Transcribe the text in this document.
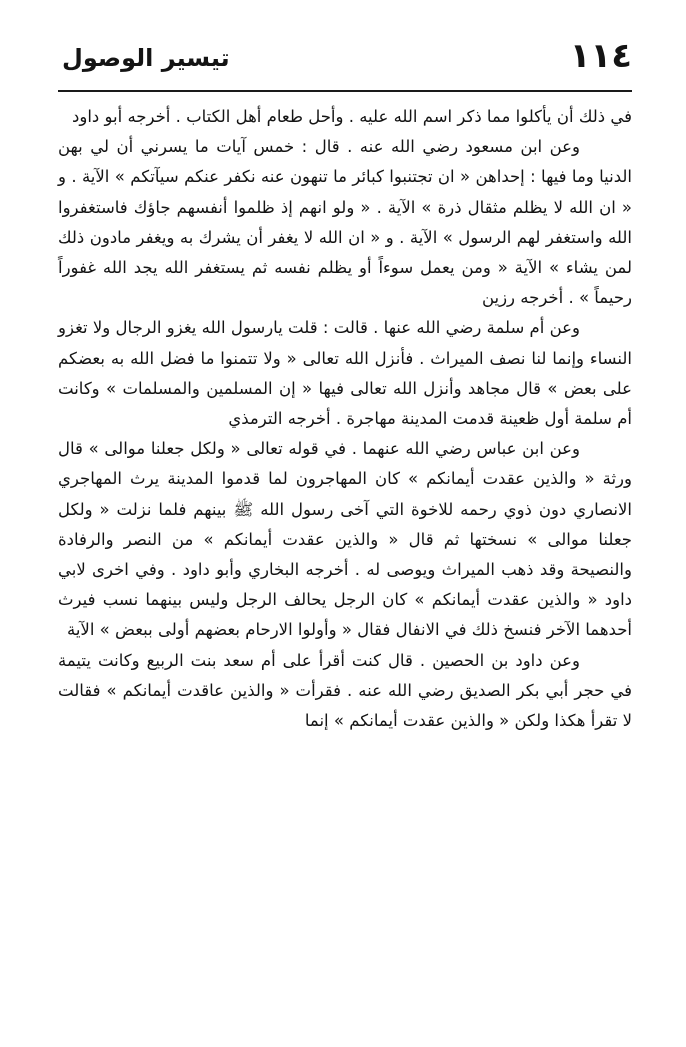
١١٤
تيسير الوصول

في ذلك أن يأكلوا مما ذكر اسم الله عليه . وأحل طعام أهل الكتاب . أخرجه أبو داود

وعن ابن مسعود رضي الله عنه . قال : خمس آيات ما يسرني أن لي بهن الدنيا وما فيها : إحداهن « ان تجتنبوا كبائر ما تنهون عنه نكفر عنكم سيآتكم » الآية . و « ان الله لا يظلم مثقال ذرة » الآية . « ولو انهم إذ ظلموا أنفسهم جاؤك فاستغفروا الله واستغفر لهم الرسول » الآية . و « ان الله لا يغفر أن يشرك به ويغفر مادون ذلك لمن يشاء » الآية « ومن يعمل سوءاً أو يظلم نفسه ثم يستغفر الله يجد الله غفوراً رحيماً » . أخرجه رزين

وعن أم سلمة رضي الله عنها . قالت : قلت يارسول الله يغزو الرجال ولا تغزو النساء وإنما لنا نصف الميراث . فأنزل الله تعالى « ولا تتمنوا ما فضل الله به بعضكم على بعض » قال مجاهد وأنزل الله تعالى فيها « إن المسلمين والمسلمات » وكانت أم سلمة أول ظعينة قدمت المدينة مهاجرة . أخرجه الترمذي

وعن ابن عباس رضي الله عنهما . في قوله تعالى « ولكل جعلنا موالى » قال ورثة « والذين عقدت أيمانكم » كان المهاجرون لما قدموا المدينة يرث المهاجري الانصاري دون ذوي رحمه للاخوة التي آخى رسول الله ﷺ بينهم فلما نزلت « ولكل جعلنا موالى » نسختها ثم قال « والذين عقدت أيمانكم » من النصر والرفادة والنصيحة وقد ذهب الميراث ويوصى له . أخرجه البخاري وأبو داود . وفي اخرى لابي داود « والذين عقدت أيمانكم » كان الرجل يحالف الرجل وليس بينهما نسب فيرث أحدهما الآخر فنسخ ذلك في الانفال فقال « وأولوا الارحام بعضهم أولى ببعض » الآية

وعن داود بن الحصين . قال كنت أقرأ على أم سعد بنت الربيع وكانت يتيمة في حجر أبي بكر الصديق رضي الله عنه . فقرأت « والذين عاقدت أيمانكم » فقالت لا تقرأ هكذا ولكن « والذين عقدت أيمانكم » إنما
